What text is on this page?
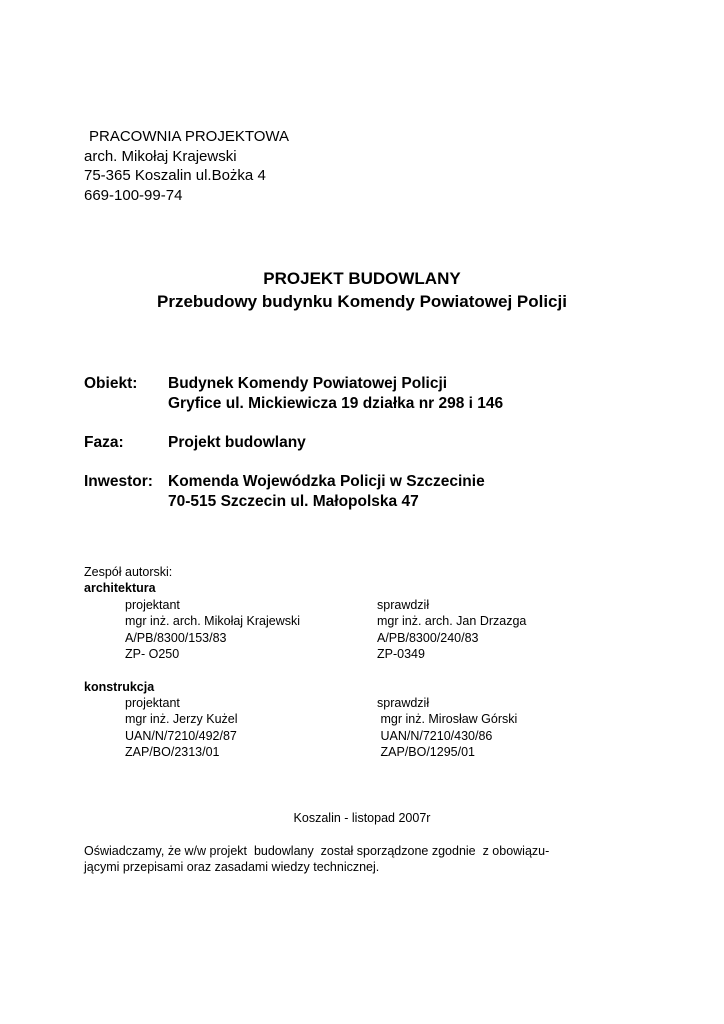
PRACOWNIA PROJEKTOWA
arch. Mikołaj Krajewski
75-365 Koszalin ul.Bożka 4
669-100-99-74
PROJEKT BUDOWLANY
Przebudowy budynku Komendy Powiatowej Policji
Obiekt: Budynek Komendy Powiatowej Policji
Gryfice ul. Mickiewicza 19 działka nr 298 i 146
Faza:	Projekt budowlany
Inwestor: Komenda Wojewódzka Policji w Szczecinie
70-515 Szczecin ul. Małopolska 47
Zespół autorski:
architektura
projektant
mgr inż. arch. Mikołaj Krajewski
A/PB/8300/153/83
ZP- O250
sprawdził
mgr inż. arch. Jan Drzazga
A/PB/8300/240/83
ZP-0349
konstrukcja
projektant
mgr inż. Jerzy Kużel
UAN/N/7210/492/87
ZAP/BO/2313/01
sprawdził
mgr inż. Mirosław Górski
UAN/N/7210/430/86
ZAP/BO/1295/01
Koszalin - listopad 2007r
Oświadczamy, że w/w projekt  budowlany  został sporządzone zgodnie  z obowiązu-
jącymi przepisami oraz zasadami wiedzy technicznej.
